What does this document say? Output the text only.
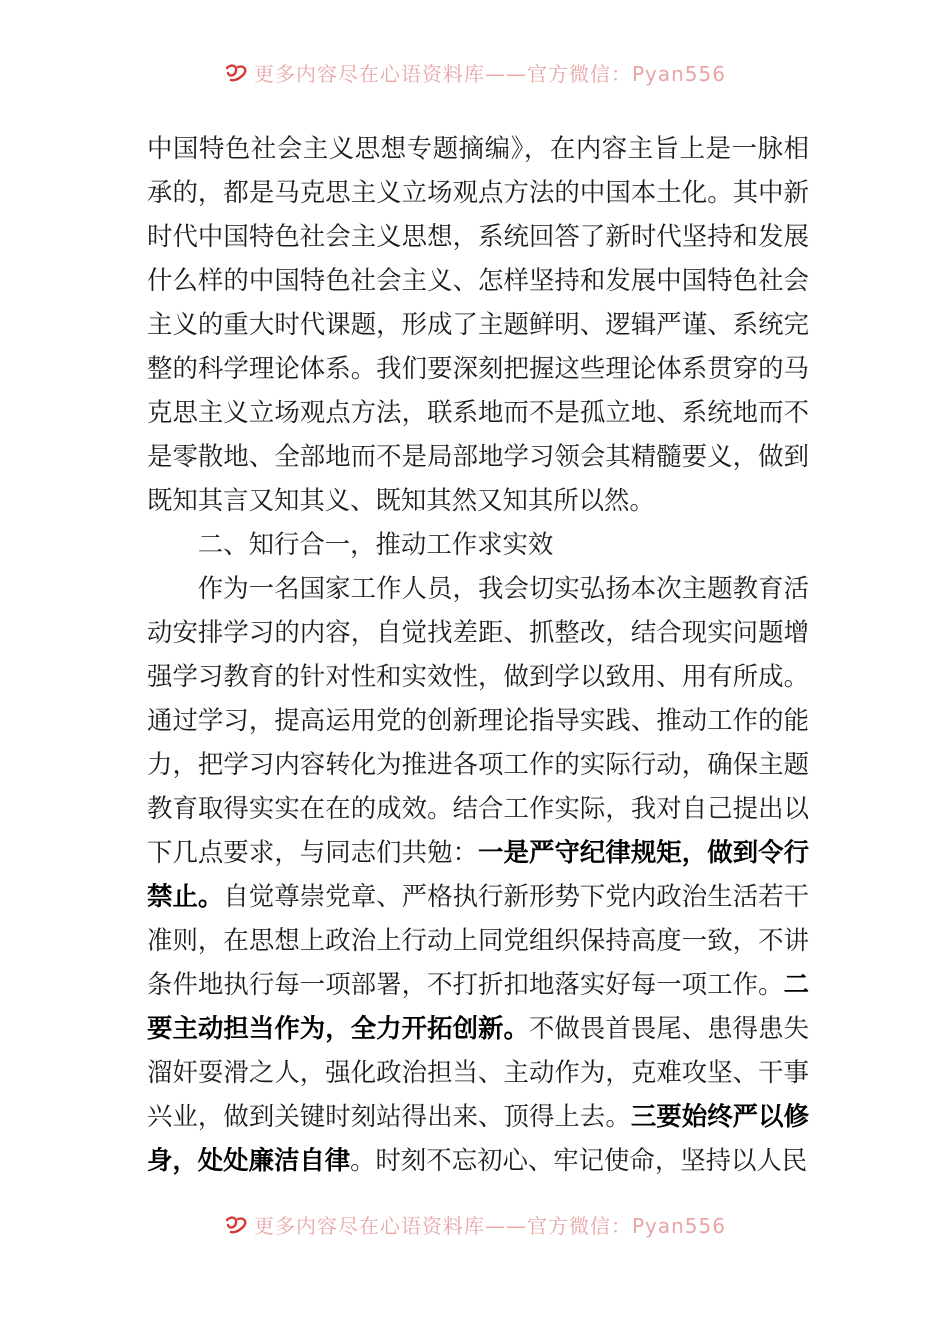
更多内容尽在心语资料库——官方微信：Pyan556

中国特色社会主义思想专题摘编》，在内容主旨上是一脉相承的，都是马克思主义立场观点方法的中国本土化。其中新时代中国特色社会主义思想，系统回答了新时代坚持和发展什么样的中国特色社会主义、怎样坚持和发展中国特色社会主义的重大时代课题，形成了主题鲜明、逻辑严谨、系统完整的科学理论体系。我们要深刻把握这些理论体系贯穿的马克思主义立场观点方法，联系地而不是孤立地、系统地而不是零散地、全部地而不是局部地学习领会其精髓要义，做到既知其言又知其义、既知其然又知其所以然。

二、知行合一，推动工作求实效

作为一名国家工作人员，我会切实弘扬本次主题教育活动安排学习的内容，自觉找差距、抓整改，结合现实问题增强学习教育的针对性和实效性，做到学以致用、用有所成。通过学习，提高运用党的创新理论指导实践、推动工作的能力，把学习内容转化为推进各项工作的实际行动，确保主题教育取得实实在在的成效。结合工作实际，我对自己提出以下几点要求，与同志们共勉：一是严守纪律规矩，做到令行禁止。自觉尊崇党章、严格执行新形势下党内政治生活若干准则，在思想上政治上行动上同党组织保持高度一致，不讲条件地执行每一项部署，不打折扣地落实好每一项工作。二要主动担当作为，全力开拓创新。不做畏首畏尾、患得患失溜奸耍滑之人，强化政治担当、主动作为，克难攻坚、干事兴业，做到关键时刻站得出来、顶得上去。三要始终严以修身，处处廉洁自律。时刻不忘初心、牢记使命，坚持以人民

更多内容尽在心语资料库——官方微信：Pyan556
